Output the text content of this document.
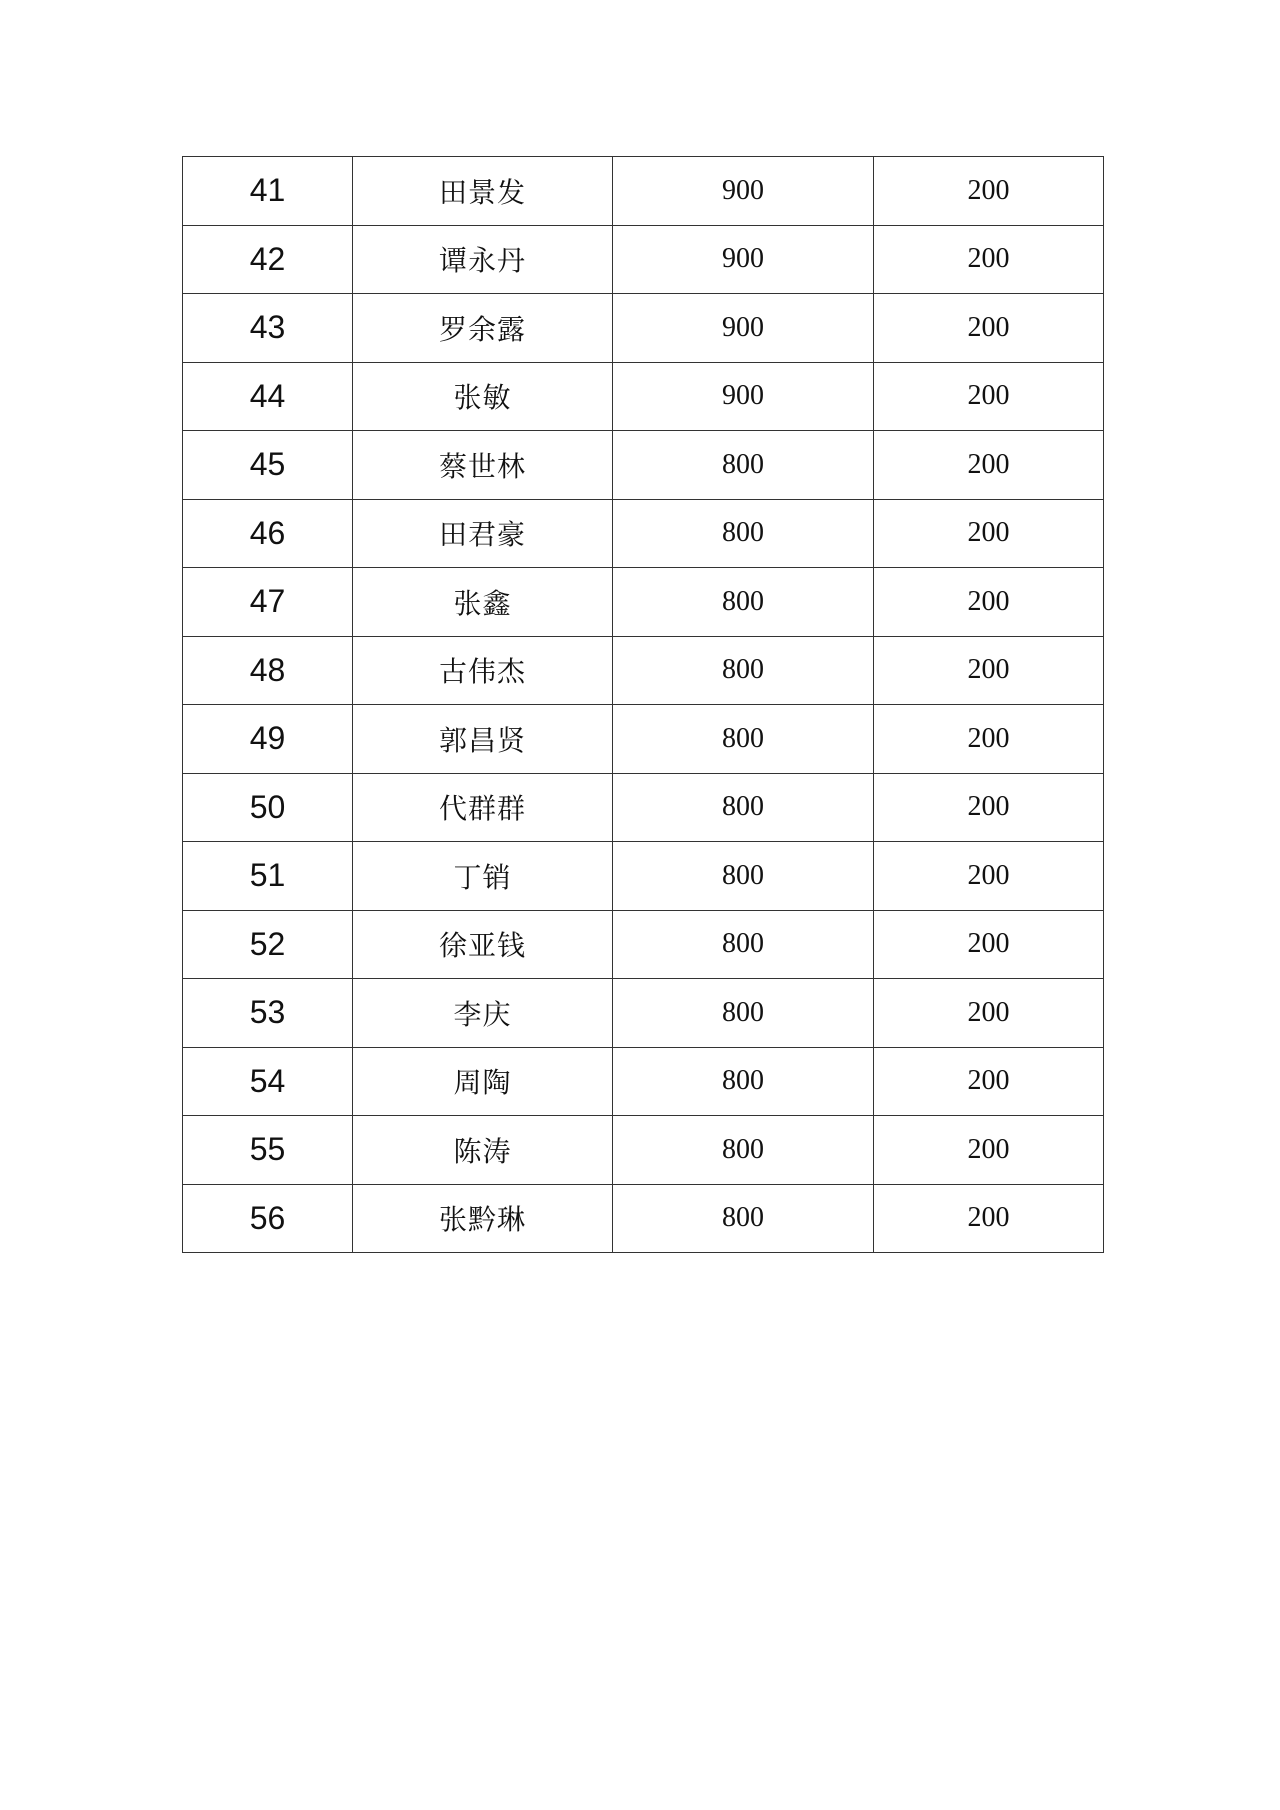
41	田景发	900	200
42	谭永丹	900	200
43	罗余露	900	200
44	张敏	900	200
45	蔡世林	800	200
46	田君豪	800	200
47	张鑫	800	200
48	古伟杰	800	200
49	郭昌贤	800	200
50	代群群	800	200
51	丁销	800	200
52	徐亚钱	800	200
53	李庆	800	200
54	周陶	800	200
55	陈涛	800	200
56	张黔琳	800	200
